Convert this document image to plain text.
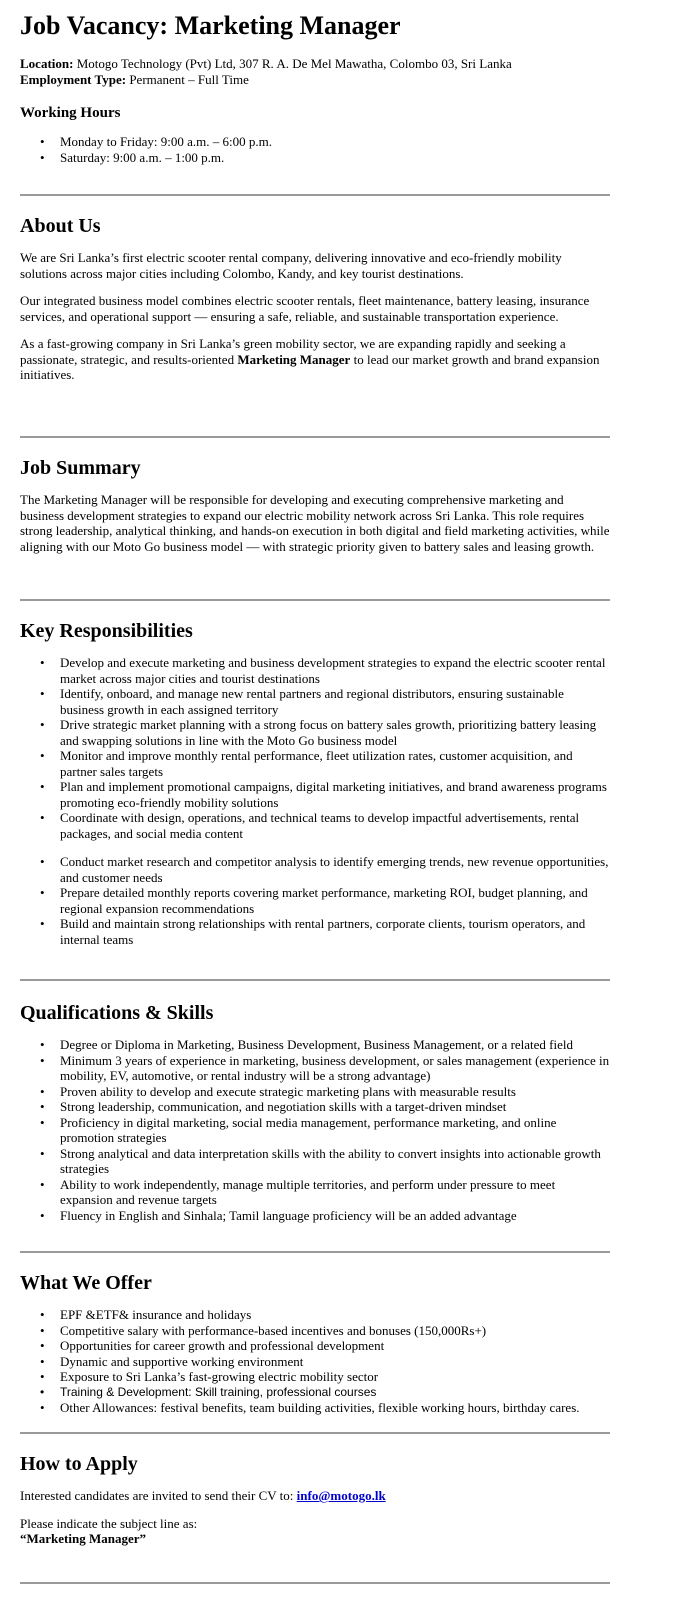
Job Vacancy: Marketing Manager

Location: Motogo Technology (Pvt) Ltd, 307 R. A. De Mel Mawatha, Colombo 03, Sri Lanka

Employment Type: Permanent – Full Time

Working Hours
• Monday to Friday: 9:00 a.m. – 6:00 p.m.
• Saturday: 9:00 a.m. – 1:00 p.m.
About Us

We are Sri Lanka’s first electric scooter rental company, delivering innovative and eco-friendly mobility solutions across major cities including Colombo, Kandy, and key tourist destinations.

Our integrated business model combines electric scooter rentals, fleet maintenance, battery leasing, insurance services, and operational support — ensuring a safe, reliable, and sustainable transportation experience.

As a fast-growing company in Sri Lanka’s green mobility sector, we are expanding rapidly and seeking a passionate, strategic, and results-oriented Marketing Manager to lead our market growth and brand expansion initiatives.

Job Summary

The Marketing Manager will be responsible for developing and executing comprehensive marketing and business development strategies to expand our electric mobility network across Sri Lanka. This role requires strong leadership, analytical thinking, and hands-on execution in both digital and field marketing activities, while aligning with our Moto Go business model — with strategic priority given to battery sales and leasing growth.

Key Responsibilities
• Develop and execute marketing and business development strategies to expand the electric scooter rental market across major cities and tourist destinations
• Identify, onboard, and manage new rental partners and regional distributors, ensuring sustainable business growth in each assigned territory
• Drive strategic market planning with a strong focus on battery sales growth, prioritizing battery leasing and swapping solutions in line with the Moto Go business model
• Monitor and improve monthly rental performance, fleet utilization rates, customer acquisition, and partner sales targets
• Plan and implement promotional campaigns, digital marketing initiatives, and brand awareness programs promoting eco-friendly mobility solutions
• Coordinate with design, operations, and technical teams to develop impactful advertisements, rental packages, and social media content
• Conduct market research and competitor analysis to identify emerging trends, new revenue opportunities, and customer needs
• Prepare detailed monthly reports covering market performance, marketing ROI, budget planning, and regional expansion recommendations
• Build and maintain strong relationships with rental partners, corporate clients, tourism operators, and internal teams
Qualifications & Skills
• Degree or Diploma in Marketing, Business Development, Business Management, or a related field
• Minimum 3 years of experience in marketing, business development, or sales management (experience in mobility, EV, automotive, or rental industry will be a strong advantage)
• Proven ability to develop and execute strategic marketing plans with measurable results
• Strong leadership, communication, and negotiation skills with a target-driven mindset
• Proficiency in digital marketing, social media management, performance marketing, and online promotion strategies
• Strong analytical and data interpretation skills with the ability to convert insights into actionable growth strategies
• Ability to work independently, manage multiple territories, and perform under pressure to meet expansion and revenue targets
• Fluency in English and Sinhala; Tamil language proficiency will be an added advantage
What We Offer
• EPF &ETF& insurance and holidays
• Competitive salary with performance-based incentives and bonuses (150,000Rs+)
• Opportunities for career growth and professional development
• Dynamic and supportive working environment
• Exposure to Sri Lanka’s fast-growing electric mobility sector
• Training & Development: Skill training, professional courses
• Other Allowances: festival benefits, team building activities, flexible working hours, birthday cares.
How to Apply

Interested candidates are invited to send their CV to: info@motogo.lk

Please indicate the subject line as:

“Marketing Manager”
